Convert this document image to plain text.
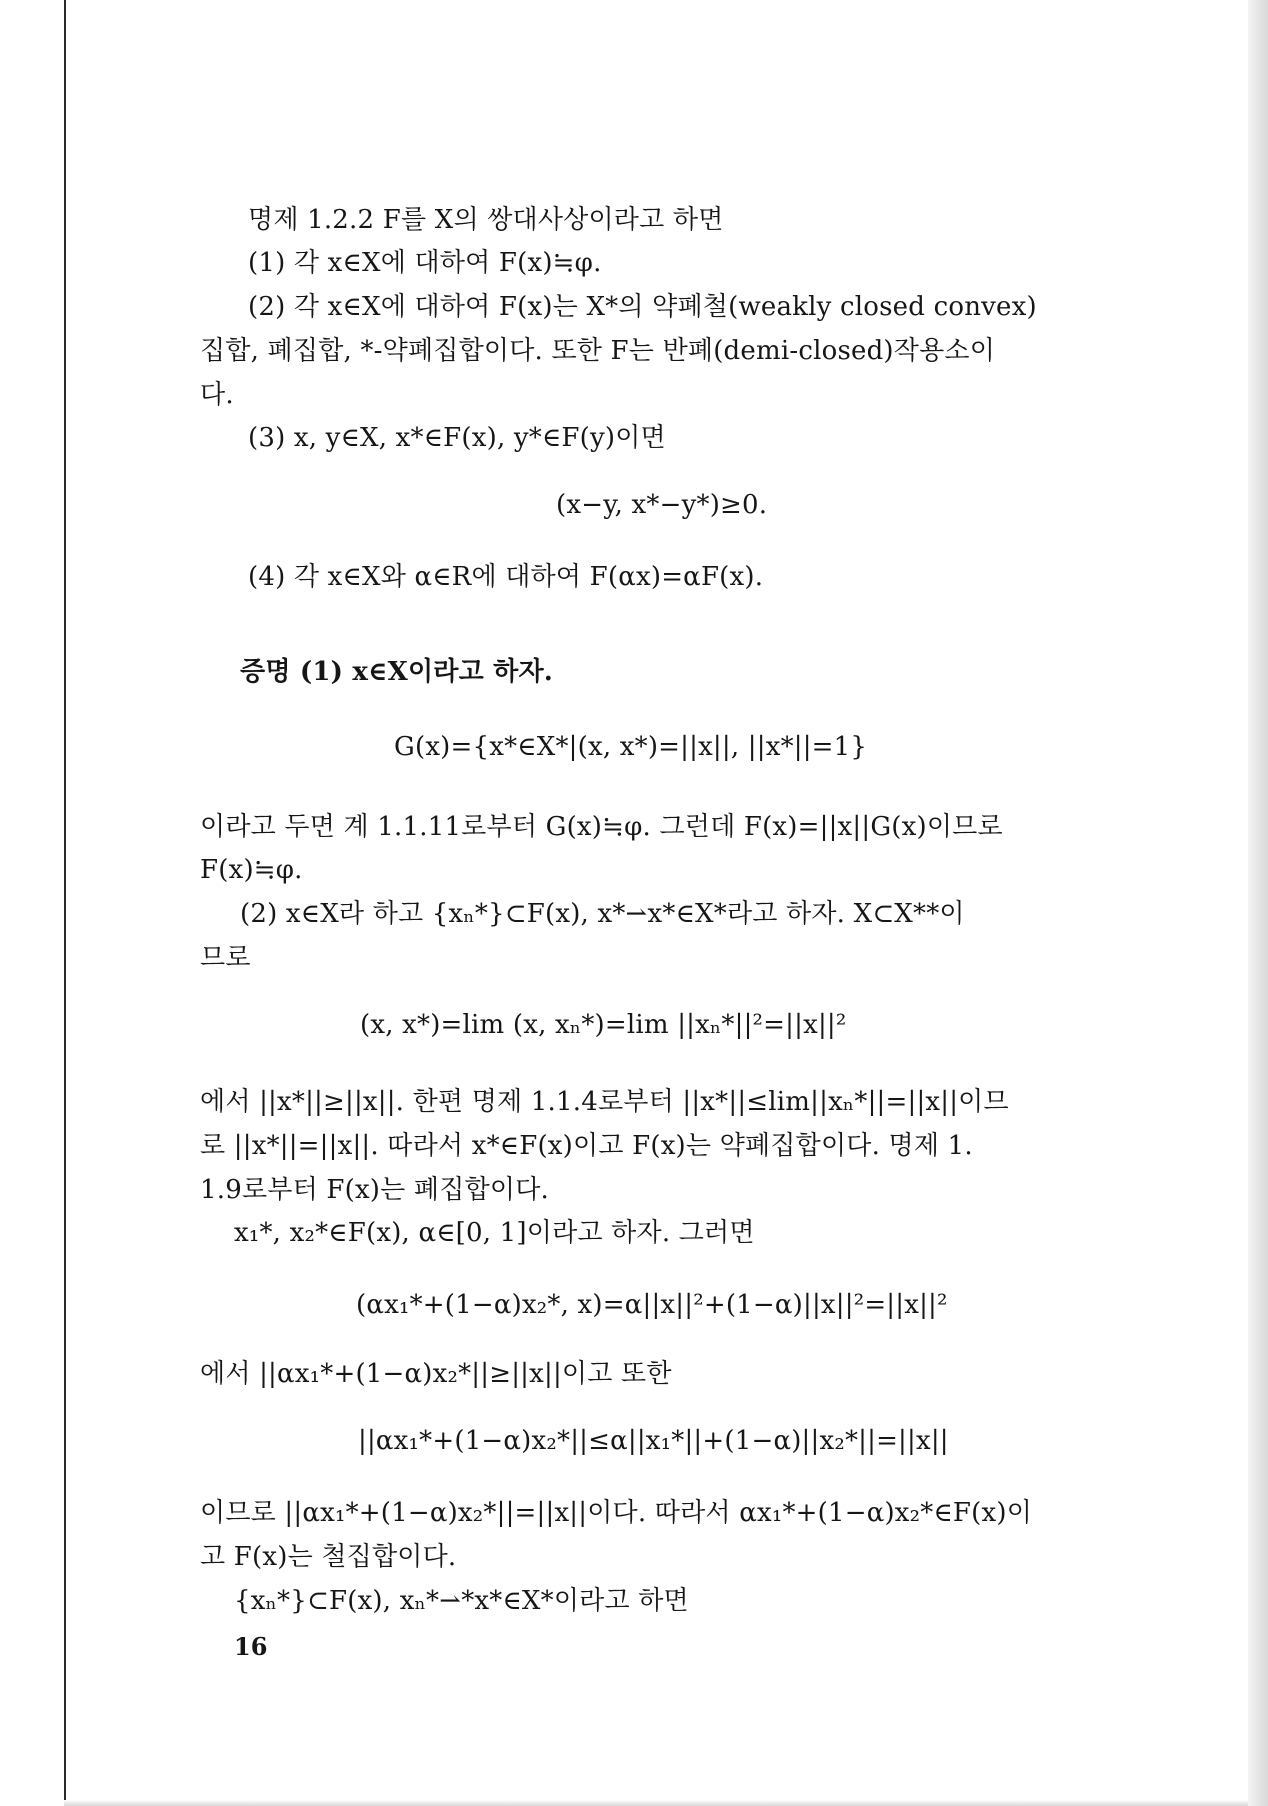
명제 1.2.2 F를 X의 쌍대사상이라고 하면
(1) 각 x∈X에 대하여 F(x)≒φ.
(2) 각 x∈X에 대하여 F(x)는 X*의 약폐철(weakly closed convex)
집합, 폐집합, *-약폐집합이다. 또한 F는 반폐(demi-closed)작용소이
다.
(3) x, y∈X, x*∈F(x), y*∈F(y)이면
(x−y, x*−y*)≥0.
(4) 각 x∈X와 α∈R에 대하여 F(αx)=αF(x).
증명 (1) x∈X이라고 하자.
G(x)={x*∈X*|(x, x*)=||x||, ||x*||=1}
이라고 두면 계 1.1.11로부터 G(x)≒φ. 그런데 F(x)=||x||G(x)이므로
F(x)≒φ.
(2) x∈X라 하고 {xₙ*}⊂F(x), x*⇀x*∈X*라고 하자. X⊂X**이
므로
(x, x*)=lim (x, xₙ*)=lim ||xₙ*||²=||x||²
에서 ||x*||≥||x||. 한편 명제 1.1.4로부터 ||x*||≤lim||xₙ*||=||x||이므
로 ||x*||=||x||. 따라서 x*∈F(x)이고 F(x)는 약폐집합이다. 명제 1.
1.9로부터 F(x)는 폐집합이다.
x₁*, x₂*∈F(x), α∈[0, 1]이라고 하자. 그러면
(αx₁*+(1−α)x₂*, x)=α||x||²+(1−α)||x||²=||x||²
에서 ||αx₁*+(1−α)x₂*||≥||x||이고 또한
||αx₁*+(1−α)x₂*||≤α||x₁*||+(1−α)||x₂*||=||x||
이므로 ||αx₁*+(1−α)x₂*||=||x||이다. 따라서 αx₁*+(1−α)x₂*∈F(x)이
고 F(x)는 철집합이다.
{xₙ*}⊂F(x), xₙ*⇀*x*∈X*이라고 하면
16
